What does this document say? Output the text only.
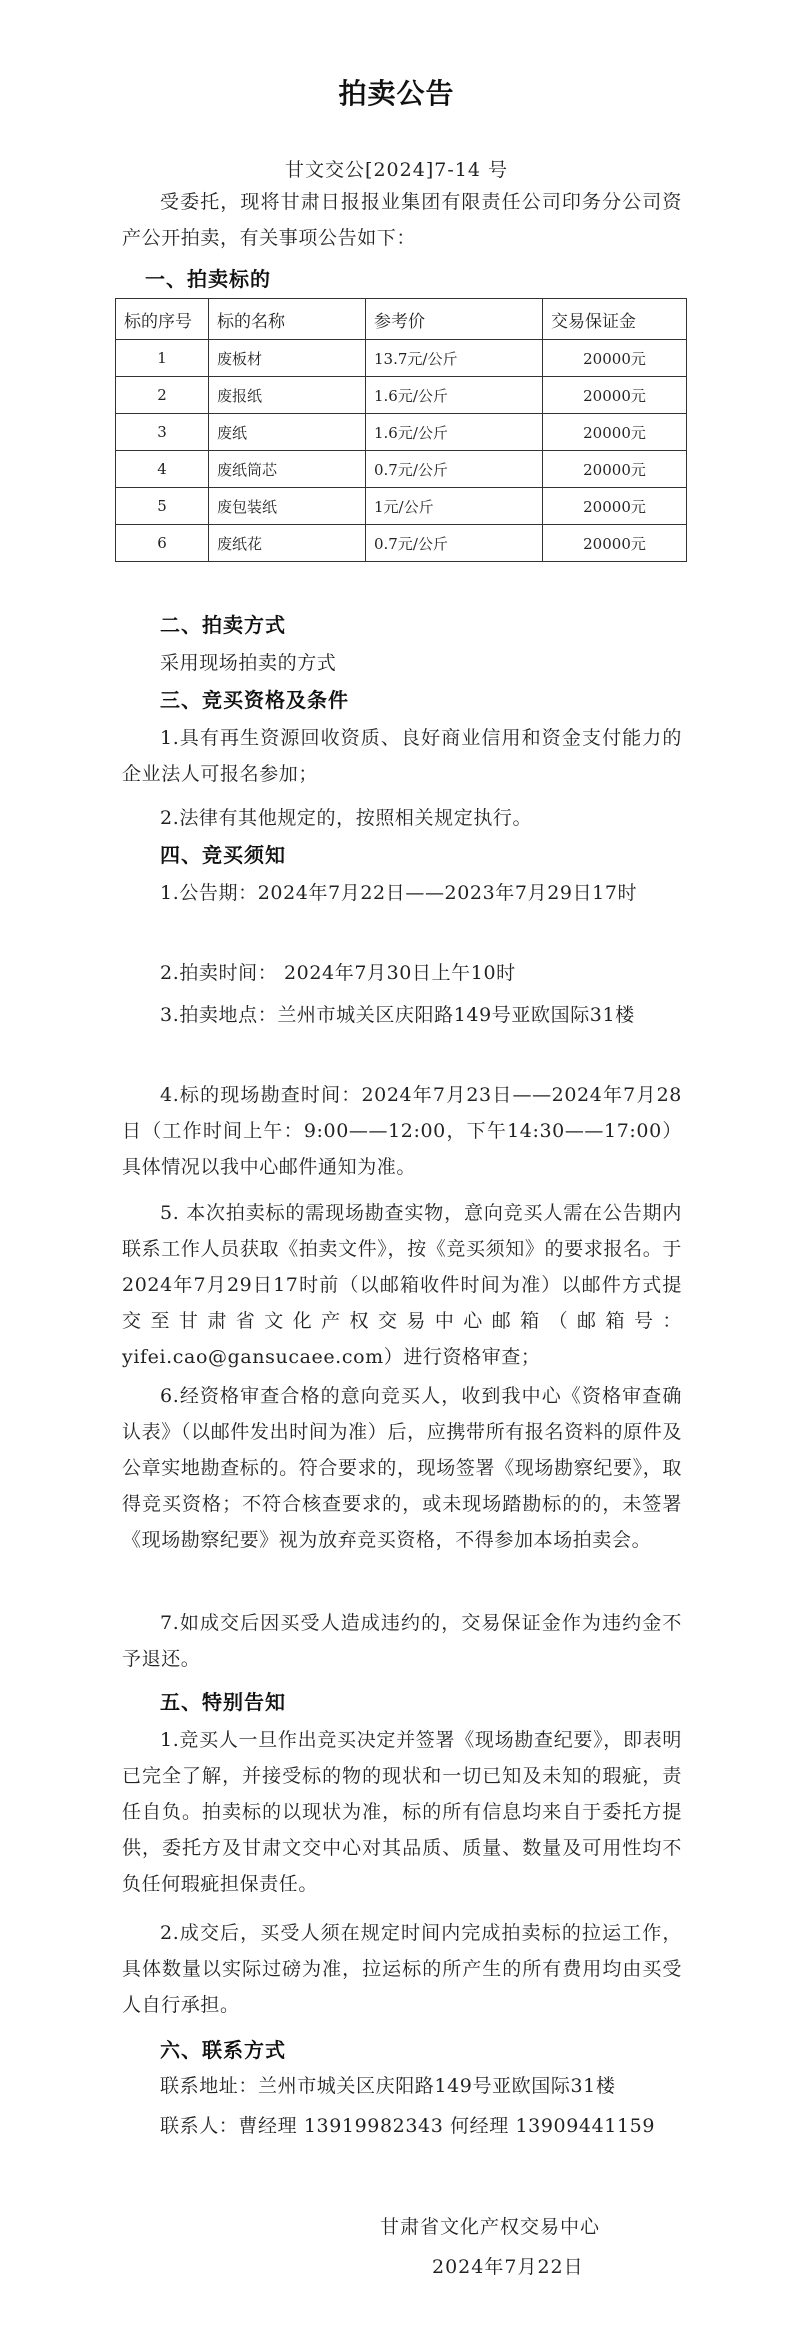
拍卖公告
甘文交公[2024]7-14 号

受委托，现将甘肃日报报业集团有限责任公司印务分公司资产公开拍卖，有关事项公告如下：

一、拍卖标的
标的序号	标的名称	参考价	交易保证金
1	废板材	13.7元/公斤	20000元
2	废报纸	1.6元/公斤	20000元
3	废纸	1.6元/公斤	20000元
4	废纸筒芯	0.7元/公斤	20000元
5	废包装纸	1元/公斤	20000元
6	废纸花	0.7元/公斤	20000元
二、拍卖方式

采用现场拍卖的方式

三、竞买资格及条件

1.具有再生资源回收资质、良好商业信用和资金支付能力的企业法人可报名参加；

2.法律有其他规定的，按照相关规定执行。

四、竞买须知

1.公告期：2024年7月22日——2023年7月29日17时

2.拍卖时间： 2024年7月30日上午10时

3.拍卖地点：兰州市城关区庆阳路149号亚欧国际31楼

4.标的现场勘查时间：2024年7月23日——2024年7月28日（工作时间上午：9:00——12:00，下午14:30——17:00）具体情况以我中心邮件通知为准。

5. 本次拍卖标的需现场勘查实物，意向竞买人需在公告期内联系工作人员获取《拍卖文件》，按《竞买须知》的要求报名。于2024年7月29日17时前（以邮箱收件时间为准）以邮件方式提交至甘肃省文化产权交易中心邮箱（邮箱号：yifei.cao@gansucaee.com）进行资格审查；

6.经资格审查合格的意向竞买人，收到我中心《资格审查确认表》（以邮件发出时间为准）后，应携带所有报名资料的原件及公章实地勘查标的。符合要求的，现场签署《现场勘察纪要》，取得竞买资格；不符合核查要求的，或未现场踏勘标的的，未签署《现场勘察纪要》视为放弃竞买资格，不得参加本场拍卖会。

7.如成交后因买受人造成违约的，交易保证金作为违约金不予退还。

五、特别告知

1.竞买人一旦作出竞买决定并签署《现场勘查纪要》，即表明已完全了解，并接受标的物的现状和一切已知及未知的瑕疵，责任自负。拍卖标的以现状为准，标的所有信息均来自于委托方提供，委托方及甘肃文交中心对其品质、质量、数量及可用性均不负任何瑕疵担保责任。

2.成交后，买受人须在规定时间内完成拍卖标的拉运工作，具体数量以实际过磅为准，拉运标的所产生的所有费用均由买受人自行承担。

六、联系方式

联系地址：兰州市城关区庆阳路149号亚欧国际31楼

联系人：曹经理 13919982343 何经理 13909441159

甘肃省文化产权交易中心
2024年7月22日
